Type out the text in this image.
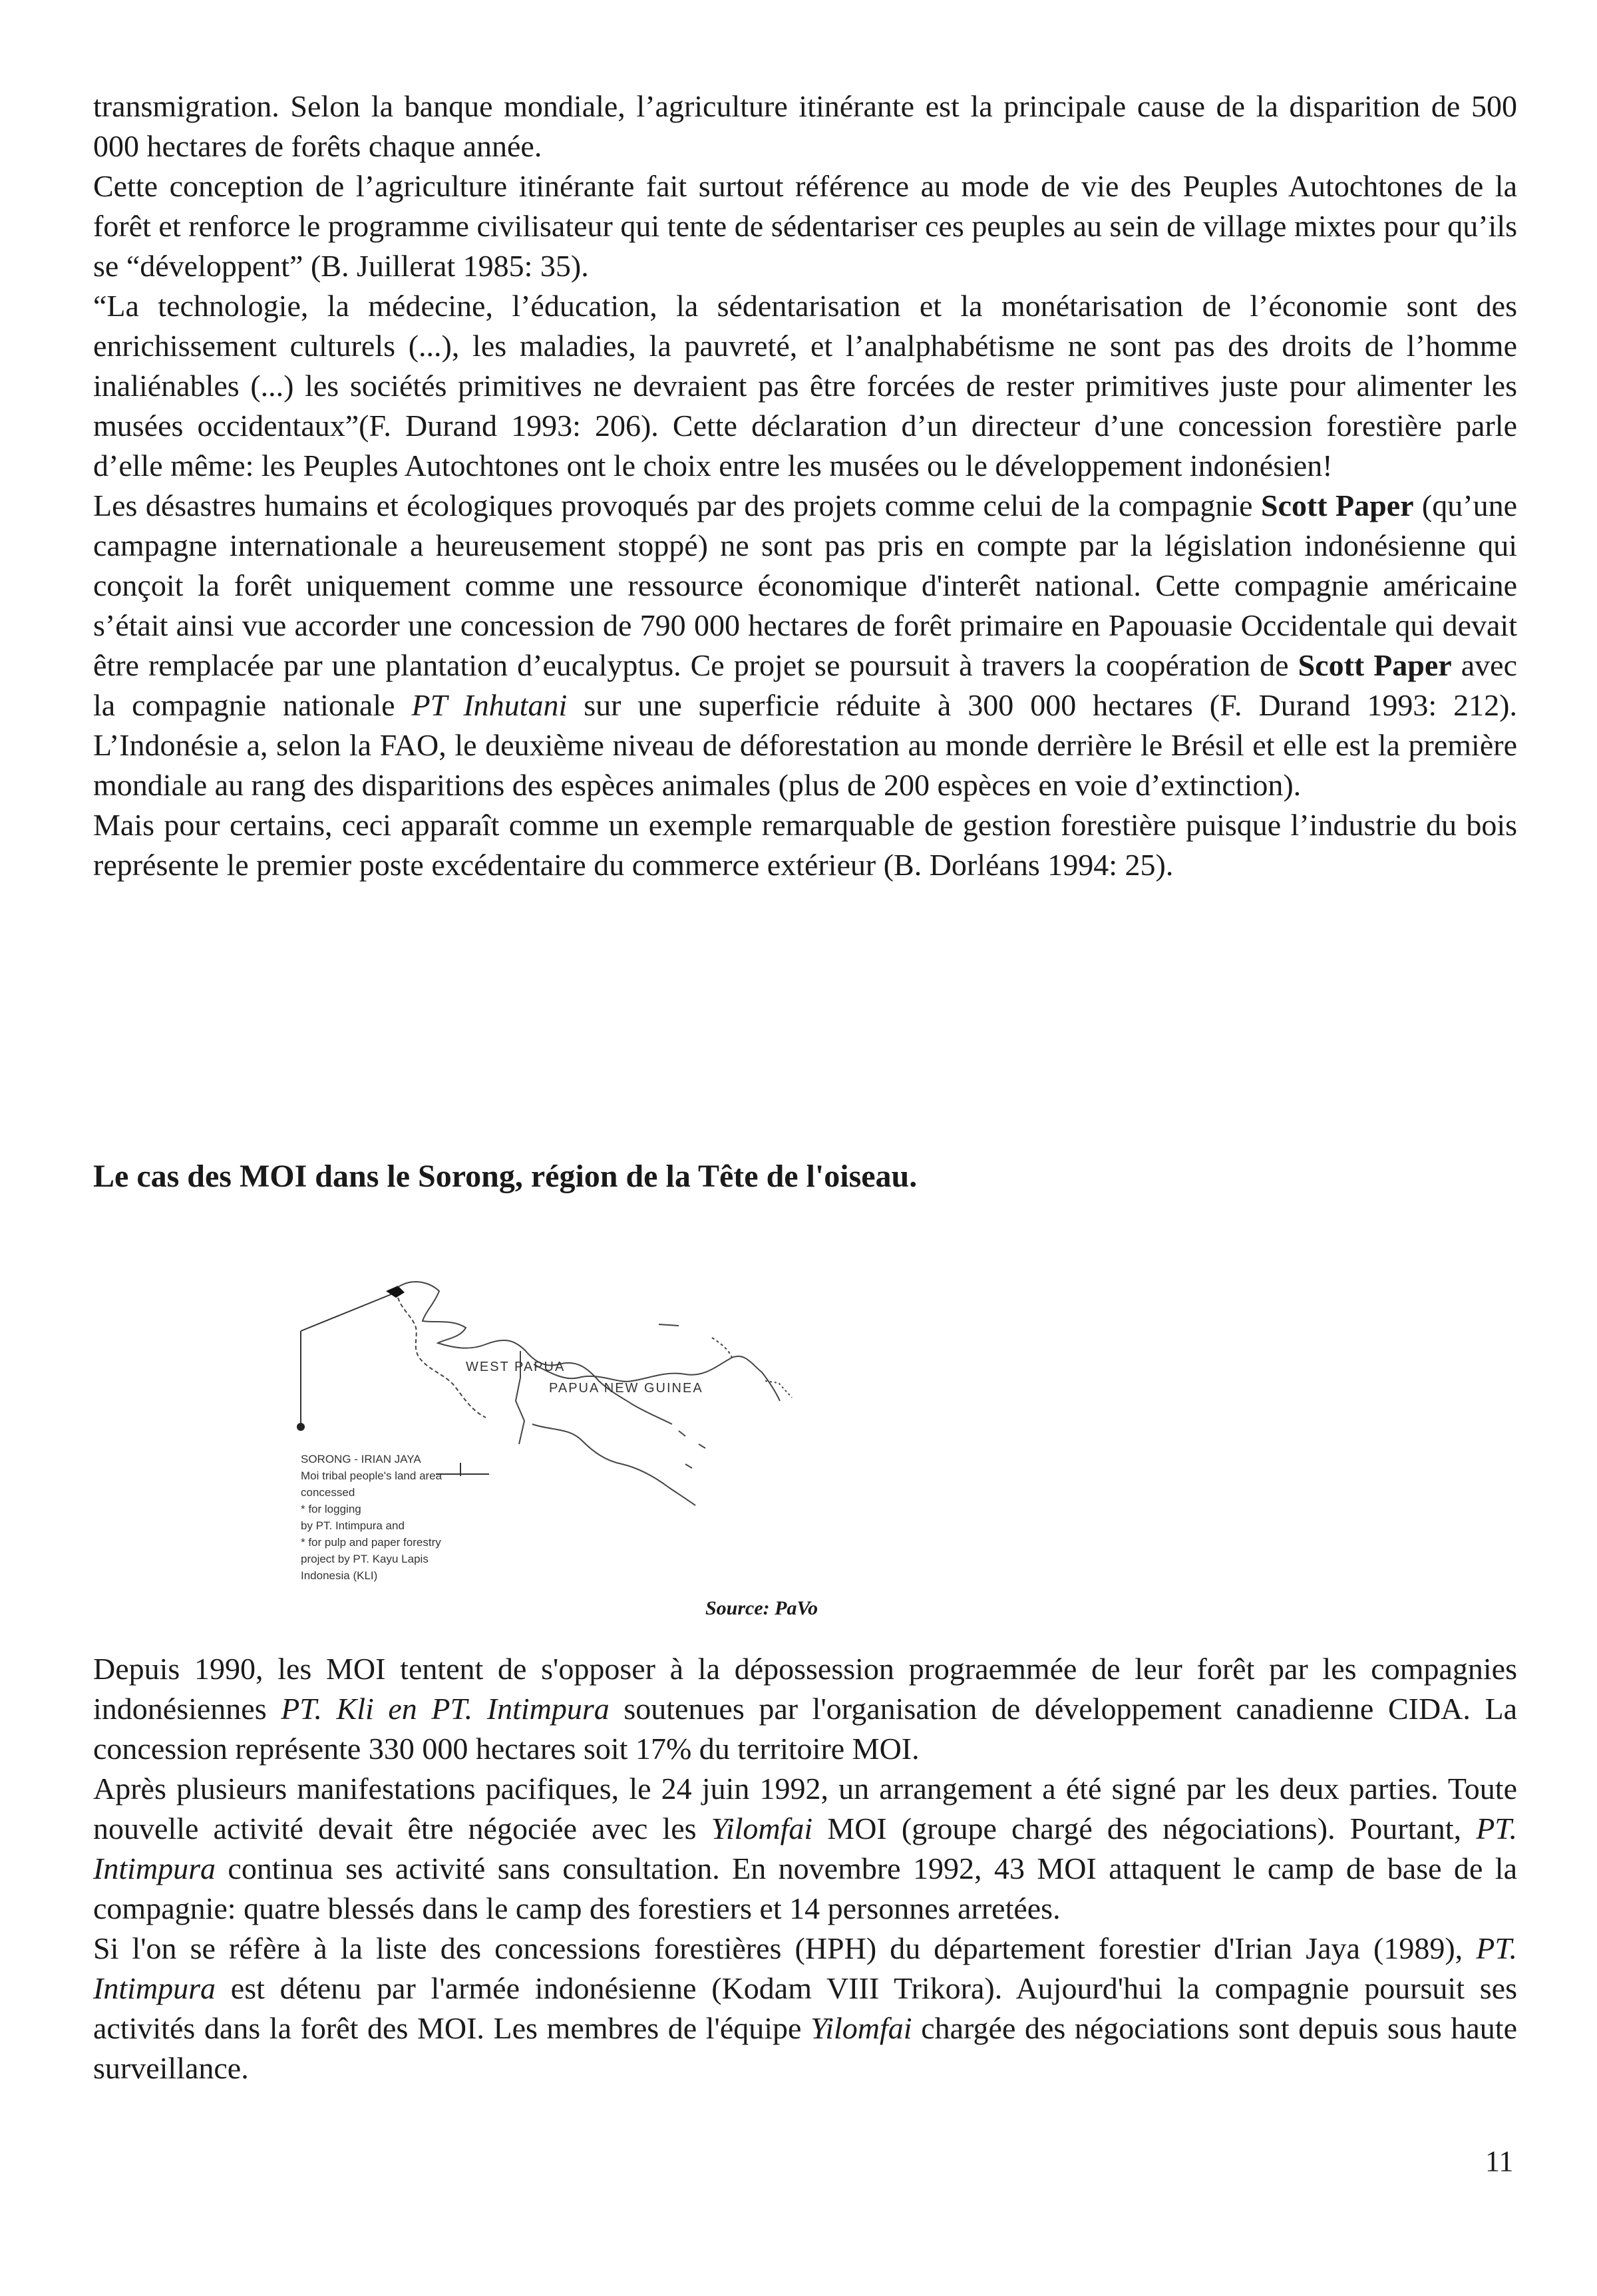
transmigration. Selon la banque mondiale, l’agriculture itinérante est la principale cause de la disparition de 500 000 hectares de forêts chaque année.

Cette conception de l’agriculture itinérante fait surtout référence au mode de vie des Peuples Autochtones de la forêt et renforce le programme civilisateur qui tente de sédentariser ces peuples au sein de village mixtes pour qu’ils se “développent” (B. Juillerat 1985: 35).

“La technologie, la médecine, l’éducation, la sédentarisation et la monétarisation de l’économie sont des enrichissement culturels (...), les maladies, la pauvreté, et l’analphabétisme ne sont pas des droits de l’homme inaliénables (...) les sociétés primitives ne devraient pas être forcées de rester primitives juste pour alimenter les musées occidentaux”(F. Durand 1993: 206). Cette déclaration d’un directeur d’une concession forestière parle d’elle même: les Peuples Autochtones ont le choix entre les musées ou le développement indonésien!

Les désastres humains et écologiques provoqués par des projets comme celui de la compagnie Scott Paper (qu’une campagne internationale a heureusement stoppé) ne sont pas pris en compte par la législation indonésienne qui conçoit la forêt uniquement comme une ressource économique d'interêt national. Cette compagnie américaine s’était ainsi vue accorder une concession de 790 000 hectares de forêt primaire en Papouasie Occidentale qui devait être remplacée par une plantation d’eucalyptus. Ce projet se poursuit à travers la coopération de Scott Paper avec la compagnie nationale PT Inhutani sur une superficie réduite à 300 000 hectares (F. Durand 1993: 212). L’Indonésie a, selon la FAO, le deuxième niveau de déforestation au monde derrière le Brésil et elle est la première mondiale au rang des disparitions des espèces animales (plus de 200 espèces en voie d’extinction).

Mais pour certains, ceci apparaît comme un exemple remarquable de gestion forestière puisque l’industrie du bois représente le premier poste excédentaire du commerce extérieur (B. Dorléans 1994: 25).

Le cas des MOI dans le Sorong, région de la Tête de l'oiseau.
WEST PAPUA
PAPUA NEW GUINEA
SORONG - IRIAN JAYA
Moi tribal people's land area
concessed
* for logging
by PT. Intimpura and
* for pulp and paper forestry
project by PT. Kayu Lapis
Indonesia (KLI)
Source: PaVo

Depuis 1990, les MOI tentent de s'opposer à la dépossession prograemmée de leur forêt par les compagnies indonésiennes PT. Kli en PT. Intimpura soutenues par l'organisation de développement canadienne CIDA. La concession représente 330 000 hectares soit 17% du territoire MOI.

Après plusieurs manifestations pacifiques, le 24 juin 1992, un arrangement a été signé par les deux parties. Toute nouvelle activité devait être négociée avec les Yilomfai MOI (groupe chargé des négociations). Pourtant, PT. Intimpura continua ses activité sans consultation. En novembre 1992, 43 MOI attaquent le camp de base de la compagnie: quatre blessés dans le camp des forestiers et 14 personnes arretées.

Si l'on se réfère à la liste des concessions forestières (HPH) du département forestier d'Irian Jaya (1989), PT. Intimpura est détenu par l'armée indonésienne (Kodam VIII Trikora). Aujourd'hui la compagnie poursuit ses activités dans la forêt des MOI. Les membres de l'équipe Yilomfai chargée des négociations sont depuis sous haute surveillance.

11
